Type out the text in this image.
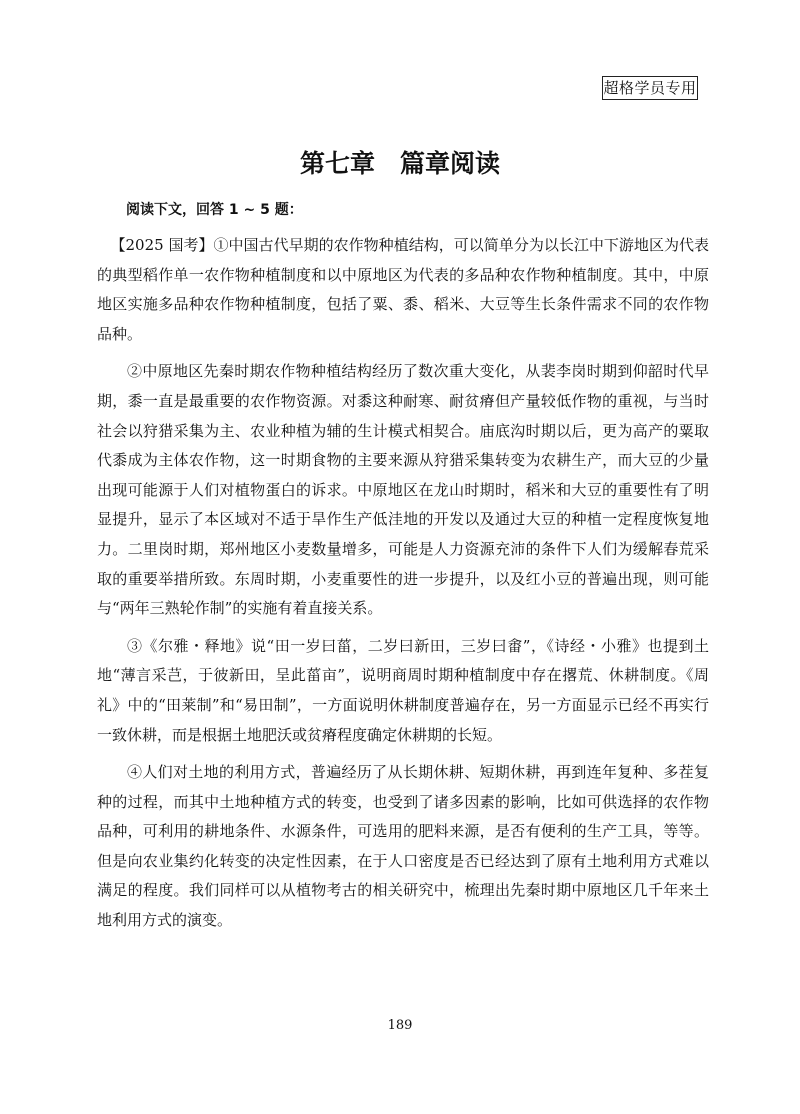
超格学员专用
第七章　篇章阅读
阅读下文，回答 1 ~ 5 题：

【2025 国考】①中国古代早期的农作物种植结构，可以简单分为以长江中下游地区为代表的典型稻作单一农作物种植制度和以中原地区为代表的多品种农作物种植制度。其中，中原地区实施多品种农作物种植制度，包括了粟、黍、稻米、大豆等生长条件需求不同的农作物品种。

②中原地区先秦时期农作物种植结构经历了数次重大变化，从裴李岗时期到仰韶时代早期，黍一直是最重要的农作物资源。对黍这种耐寒、耐贫瘠但产量较低作物的重视，与当时社会以狩猎采集为主、农业种植为辅的生计模式相契合。庙底沟时期以后，更为高产的粟取代黍成为主体农作物，这一时期食物的主要来源从狩猎采集转变为农耕生产，而大豆的少量出现可能源于人们对植物蛋白的诉求。中原地区在龙山时期时，稻米和大豆的重要性有了明显提升，显示了本区域对不适于旱作生产低洼地的开发以及通过大豆的种植一定程度恢复地力。二里岗时期，郑州地区小麦数量增多，可能是人力资源充沛的条件下人们为缓解春荒采取的重要举措所致。东周时期，小麦重要性的进一步提升，以及红小豆的普遍出现，则可能与“两年三熟轮作制”的实施有着直接关系。

③《尔雅・释地》说“田一岁曰菑，二岁曰新田，三岁曰畬”，《诗经・小雅》也提到土地“薄言采芑，于彼新田，呈此菑亩”，说明商周时期种植制度中存在撂荒、休耕制度。《周礼》中的“田莱制”和“易田制”，一方面说明休耕制度普遍存在，另一方面显示已经不再实行一致休耕，而是根据土地肥沃或贫瘠程度确定休耕期的长短。

④人们对土地的利用方式，普遍经历了从长期休耕、短期休耕，再到连年复种、多茬复种的过程，而其中土地种植方式的转变，也受到了诸多因素的影响，比如可供选择的农作物品种，可利用的耕地条件、水源条件，可选用的肥料来源，是否有便利的生产工具，等等。但是向农业集约化转变的决定性因素，在于人口密度是否已经达到了原有土地利用方式难以满足的程度。我们同样可以从植物考古的相关研究中，梳理出先秦时期中原地区几千年来土地利用方式的演变。

189
